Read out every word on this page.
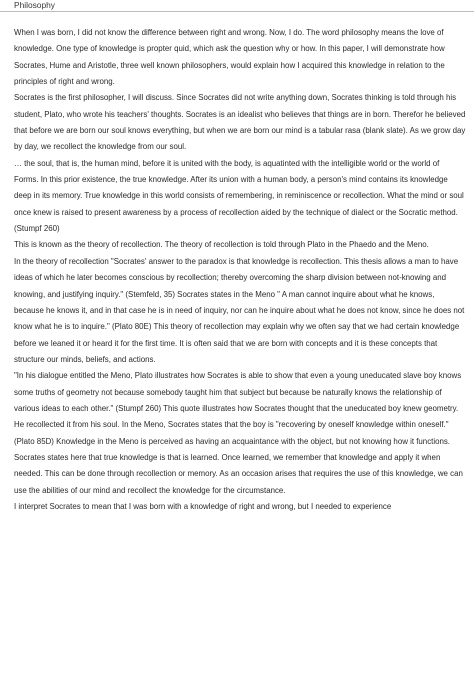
Philosophy

When I was born, I did not know the difference between right and wrong. Now, I do. The word philosophy means the love of knowledge. One type of knowledge is propter quid, which ask the question why or how. In this paper, I will demonstrate how Socrates, Hume and Aristotle, three well known philosophers, would explain how I acquired this knowledge in relation to the principles of right and wrong.

Socrates is the first philosopher, I will discuss. Since Socrates did not write anything down, Socrates thinking is told through his student, Plato, who wrote his teachers' thoughts. Socrates is an idealist who believes that things are in born. Therefor he believed that before we are born our soul knows everything, but when we are born our mind is a tabular rasa (blank slate). As we grow day by day, we recollect the knowledge from our soul.

… the soul, that is, the human mind, before it is united with the body, is aquatinted with the intelligible world or the world of Forms. In this prior existence, the true knowledge. After its union with a human body, a person's mind contains its knowledge deep in its memory. True knowledge in this world consists of remembering, in reminiscence or recollection. What the mind or soul once knew is raised to present awareness by a process of recollection aided by the technique of dialect or the Socratic method. (Stumpf 260)

This is known as the theory of recollection. The theory of recollection is told through Plato in the Phaedo and the Meno.

In the theory of recollection "Socrates' answer to the paradox is that knowledge is recollection. This thesis allows a man to have ideas of which he later becomes conscious by recollection; thereby overcoming the sharp division between not-knowing and knowing, and justifying inquiry." (Stemfeld, 35) Socrates states in the Meno " A man cannot inquire about what he knows, because he knows it, and in that case he is in need of inquiry, nor can he inquire about what he does not know, since he does not know what he is to inquire." (Plato 80E) This theory of recollection may explain why we often say that we had certain knowledge before we leaned it or heard it for the first time. It is often said that we are born with concepts and it is these concepts that structure our minds, beliefs, and actions.

"In his dialogue entitled the Meno, Plato illustrates how Socrates is able to show that even a young uneducated slave boy knows some truths of geometry not because somebody taught him that subject but because be naturally knows the relationship of various ideas to each other." (Stumpf 260) This quote illustrates how Socrates thought that the uneducated boy knew geometry. He recollected it from his soul. In the Meno, Socrates states that the boy is "recovering by oneself knowledge within oneself." (Plato 85D) Knowledge in the Meno is perceived as having an acquaintance with the object, but not knowing how it functions. Socrates states here that true knowledge is that is learned. Once learned, we remember that knowledge and apply it when needed. This can be done through recollection or memory. As an occasion arises that requires the use of this knowledge, we can use the abilities of our mind and recollect the knowledge for the circumstance.

I interpret Socrates to mean that I was born with a knowledge of right and wrong, but I needed to experience
